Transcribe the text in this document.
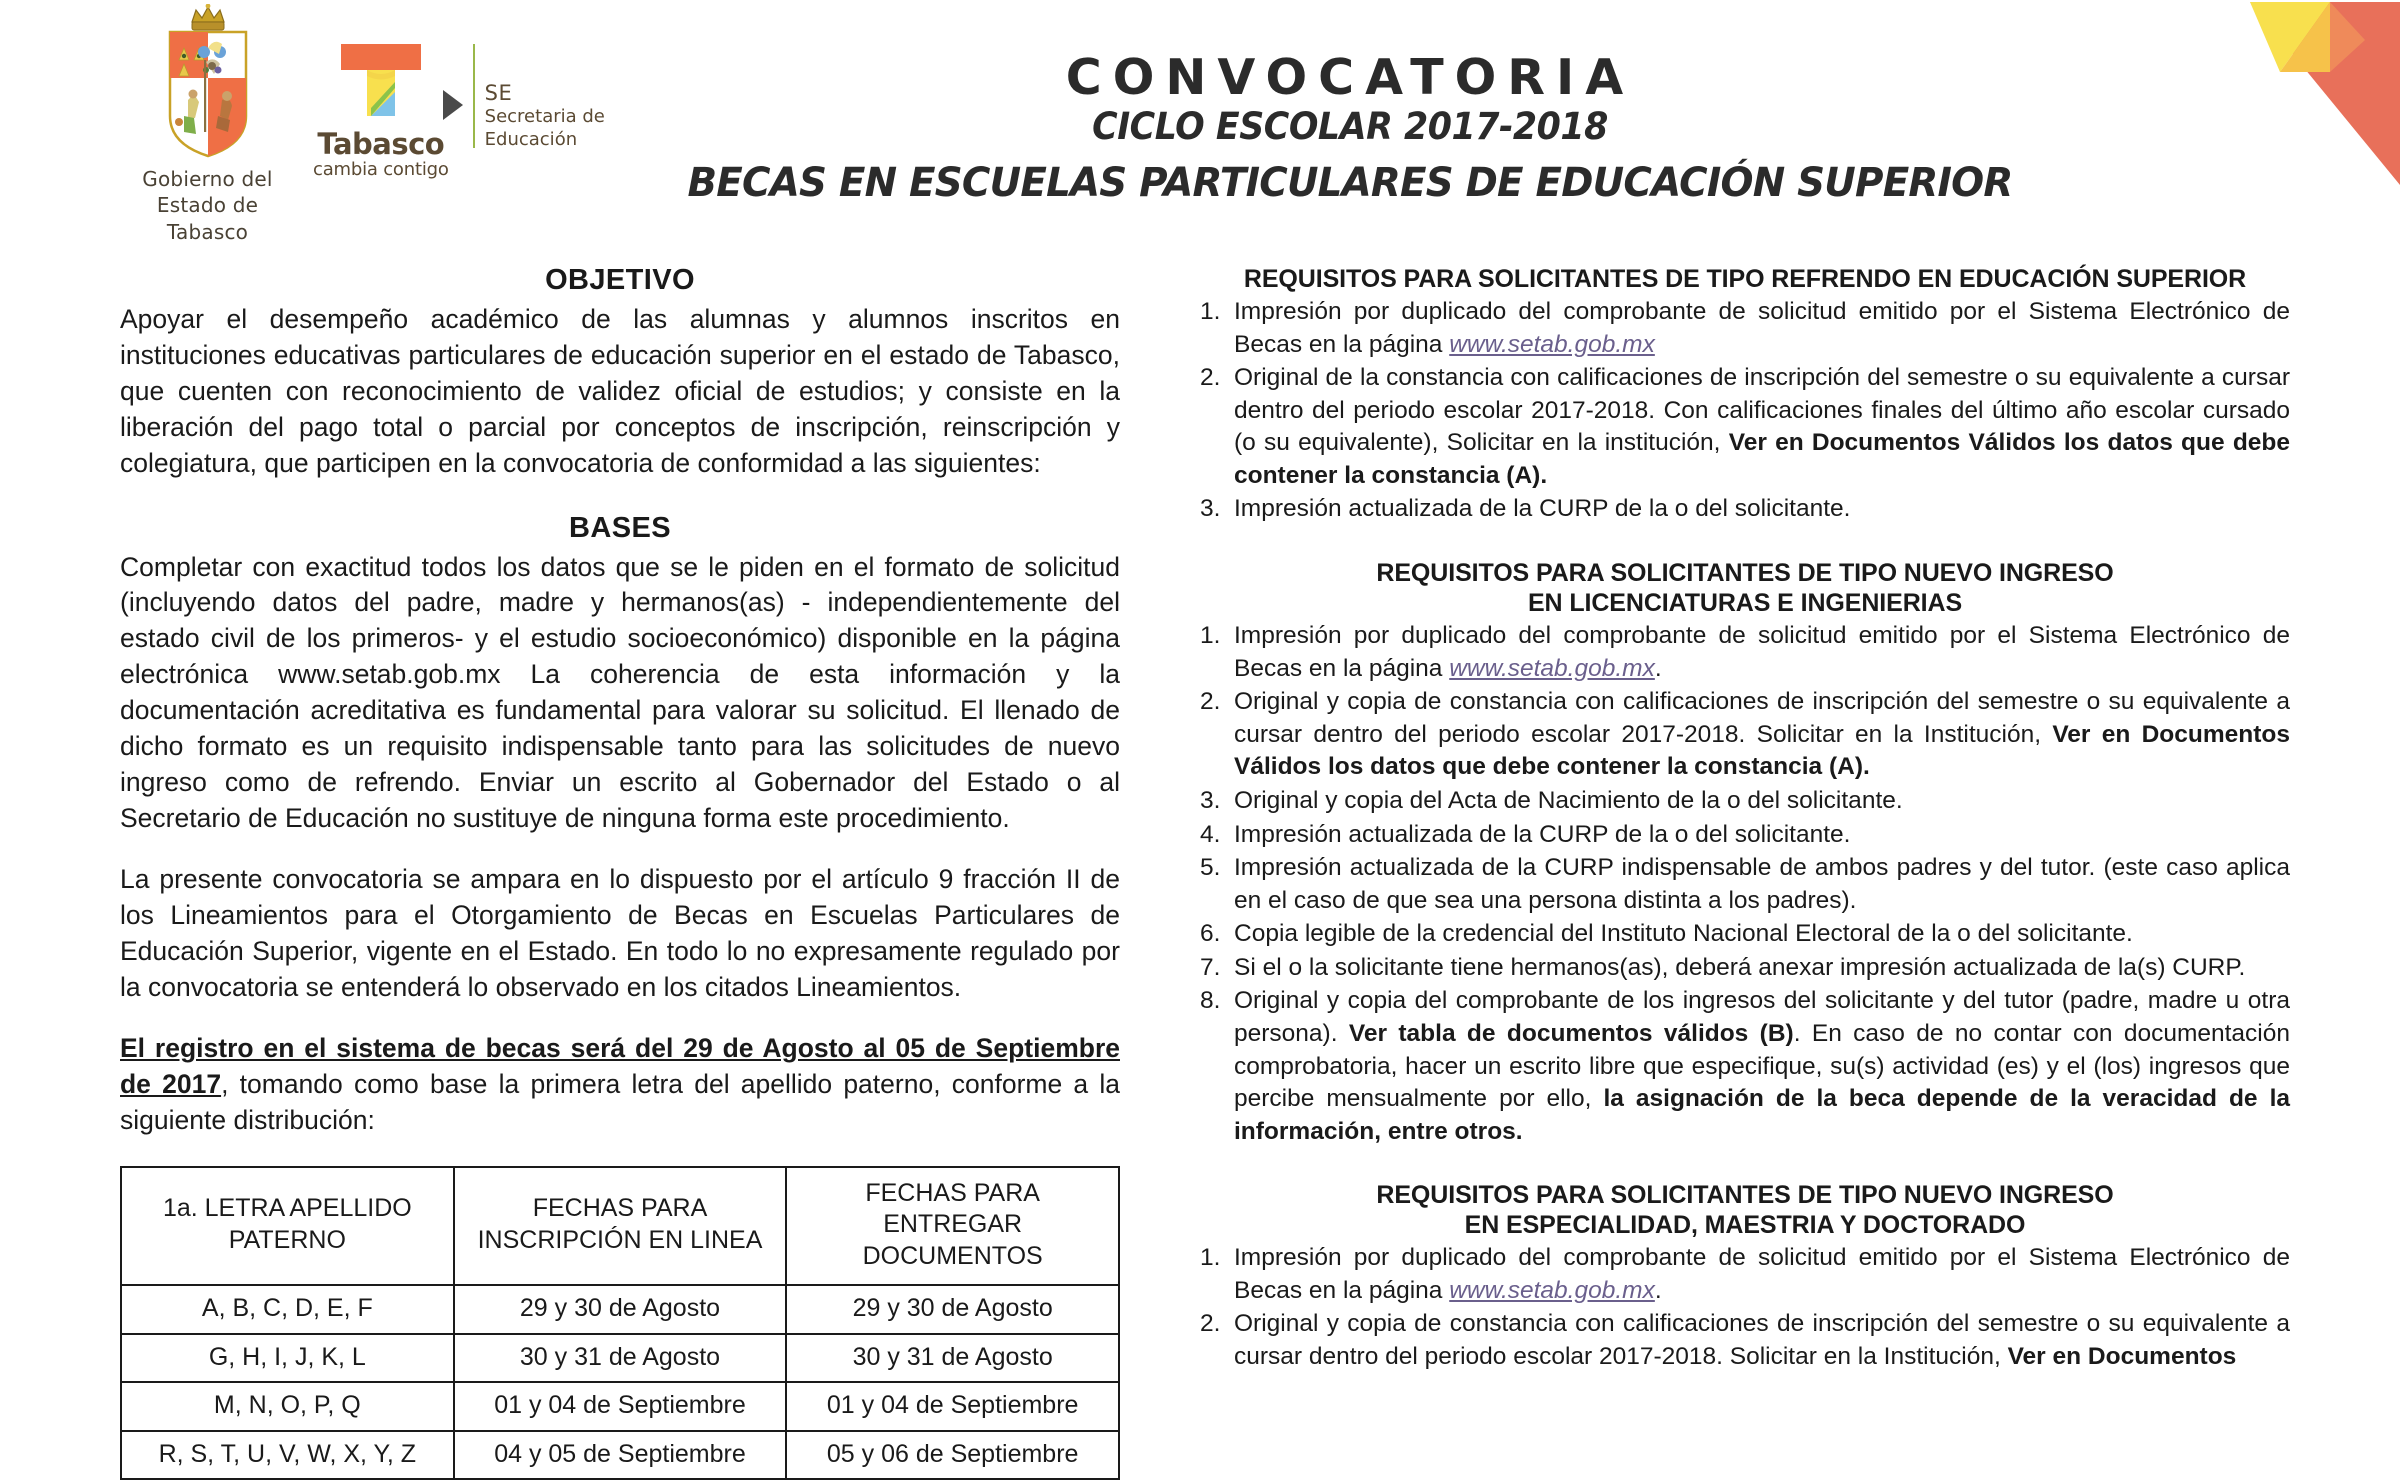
Gobierno del
Estado de Tabasco
Tabasco
cambia contigo
SE
Secretaria de
Educación
CONVOCATORIA
CICLO ESCOLAR 2017-2018
BECAS EN ESCUELAS PARTICULARES DE EDUCACIÓN SUPERIOR
OBJETIVO

Apoyar el desempeño académico de las alumnas y alumnos inscritos en instituciones educativas particulares de educación superior en el estado de Tabasco, que cuenten con reconocimiento de validez oficial de estudios; y consiste en la liberación del pago total o parcial por conceptos de inscripción, reinscripción y colegiatura, que participen en la convocatoria de conformidad a las siguientes:

BASES

Completar con exactitud todos los datos que se le piden en el formato de solicitud (incluyendo datos del padre, madre y hermanos(as) - independientemente del estado civil de los primeros- y el estudio socioeconómico) disponible en la página electrónica www.setab.gob.mx La coherencia de esta información y la documentación acreditativa es fundamental para valorar su solicitud. El llenado de dicho formato es un requisito indispensable tanto para las solicitudes de nuevo ingreso como de refrendo. Enviar un escrito al Gobernador del Estado o al Secretario de Educación no sustituye de ninguna forma este procedimiento.

La presente convocatoria se ampara en lo dispuesto por el artículo 9 fracción II de los Lineamientos para el Otorgamiento de Becas en Escuelas Particulares de Educación Superior, vigente en el Estado. En todo lo no expresamente regulado por la convocatoria se entenderá lo observado en los citados Lineamientos.

El registro en el sistema de becas será del 29 de Agosto al 05 de Septiembre de 2017, tomando como base la primera letra del apellido paterno, conforme a la siguiente distribución:

1a. LETRA APELLIDO
PATERNO

FECHAS PARA
INSCRIPCIÓN EN LINEA

FECHAS PARA
ENTREGAR DOCUMENTOS

A, B, C, D, E, F	29 y 30 de Agosto	29 y 30 de Agosto
G, H, I, J, K, L	30 y 31 de Agosto	30 y 31 de Agosto
M, N, O, P, Q	01 y 04 de Septiembre	01 y 04 de Septiembre
R, S, T, U, V, W, X, Y, Z	04 y 05 de Septiembre	05 y 06 de Septiembre
REQUISITOS PARA SOLICITANTES DE TIPO REFRENDO EN EDUCACIÓN SUPERIOR
Impresión por duplicado del comprobante de solicitud emitido por el Sistema Electrónico de Becas en la página www.setab.gob.mx
Original de la constancia con calificaciones de inscripción del semestre o su equivalente a cursar dentro del periodo escolar 2017-2018. Con calificaciones finales del último año escolar cursado (o su equivalente), Solicitar en la institución, Ver en Documentos Válidos los datos que debe contener la constancia (A).
Impresión actualizada de la CURP de la o del solicitante.
REQUISITOS PARA SOLICITANTES DE TIPO NUEVO INGRESO
EN LICENCIATURAS E INGENIERIAS
Impresión por duplicado del comprobante de solicitud emitido por el Sistema Electrónico de Becas en la página www.setab.gob.mx.
Original y copia de constancia con calificaciones de inscripción del semestre o su equivalente a cursar dentro del periodo escolar 2017-2018. Solicitar en la Institución, Ver en Documentos Válidos los datos que debe contener la constancia (A).
Original y copia del Acta de Nacimiento de la o del solicitante.
Impresión actualizada de la CURP de la o del solicitante.
Impresión actualizada de la CURP indispensable de ambos padres y del tutor. (este caso aplica en el caso de que sea una persona distinta a los padres).
Copia legible de la credencial del Instituto Nacional Electoral de la o del solicitante.
Si el o la solicitante tiene hermanos(as), deberá anexar impresión actualizada de la(s) CURP.
Original y copia del comprobante de los ingresos del solicitante y del tutor (padre, madre u otra persona). Ver tabla de documentos válidos (B). En caso de no contar con documentación comprobatoria, hacer un escrito libre que especifique, su(s) actividad (es) y el (los) ingresos que percibe mensualmente por ello, la asignación de la beca depende de la veracidad de la información, entre otros.
REQUISITOS PARA SOLICITANTES DE TIPO NUEVO INGRESO
EN ESPECIALIDAD, MAESTRIA Y DOCTORADO
Impresión por duplicado del comprobante de solicitud emitido por el Sistema Electrónico de Becas en la página www.setab.gob.mx.
Original y copia de constancia con calificaciones de inscripción del semestre o su equivalente a cursar dentro del periodo escolar 2017-2018. Solicitar en la Institución, Ver en Documentos
